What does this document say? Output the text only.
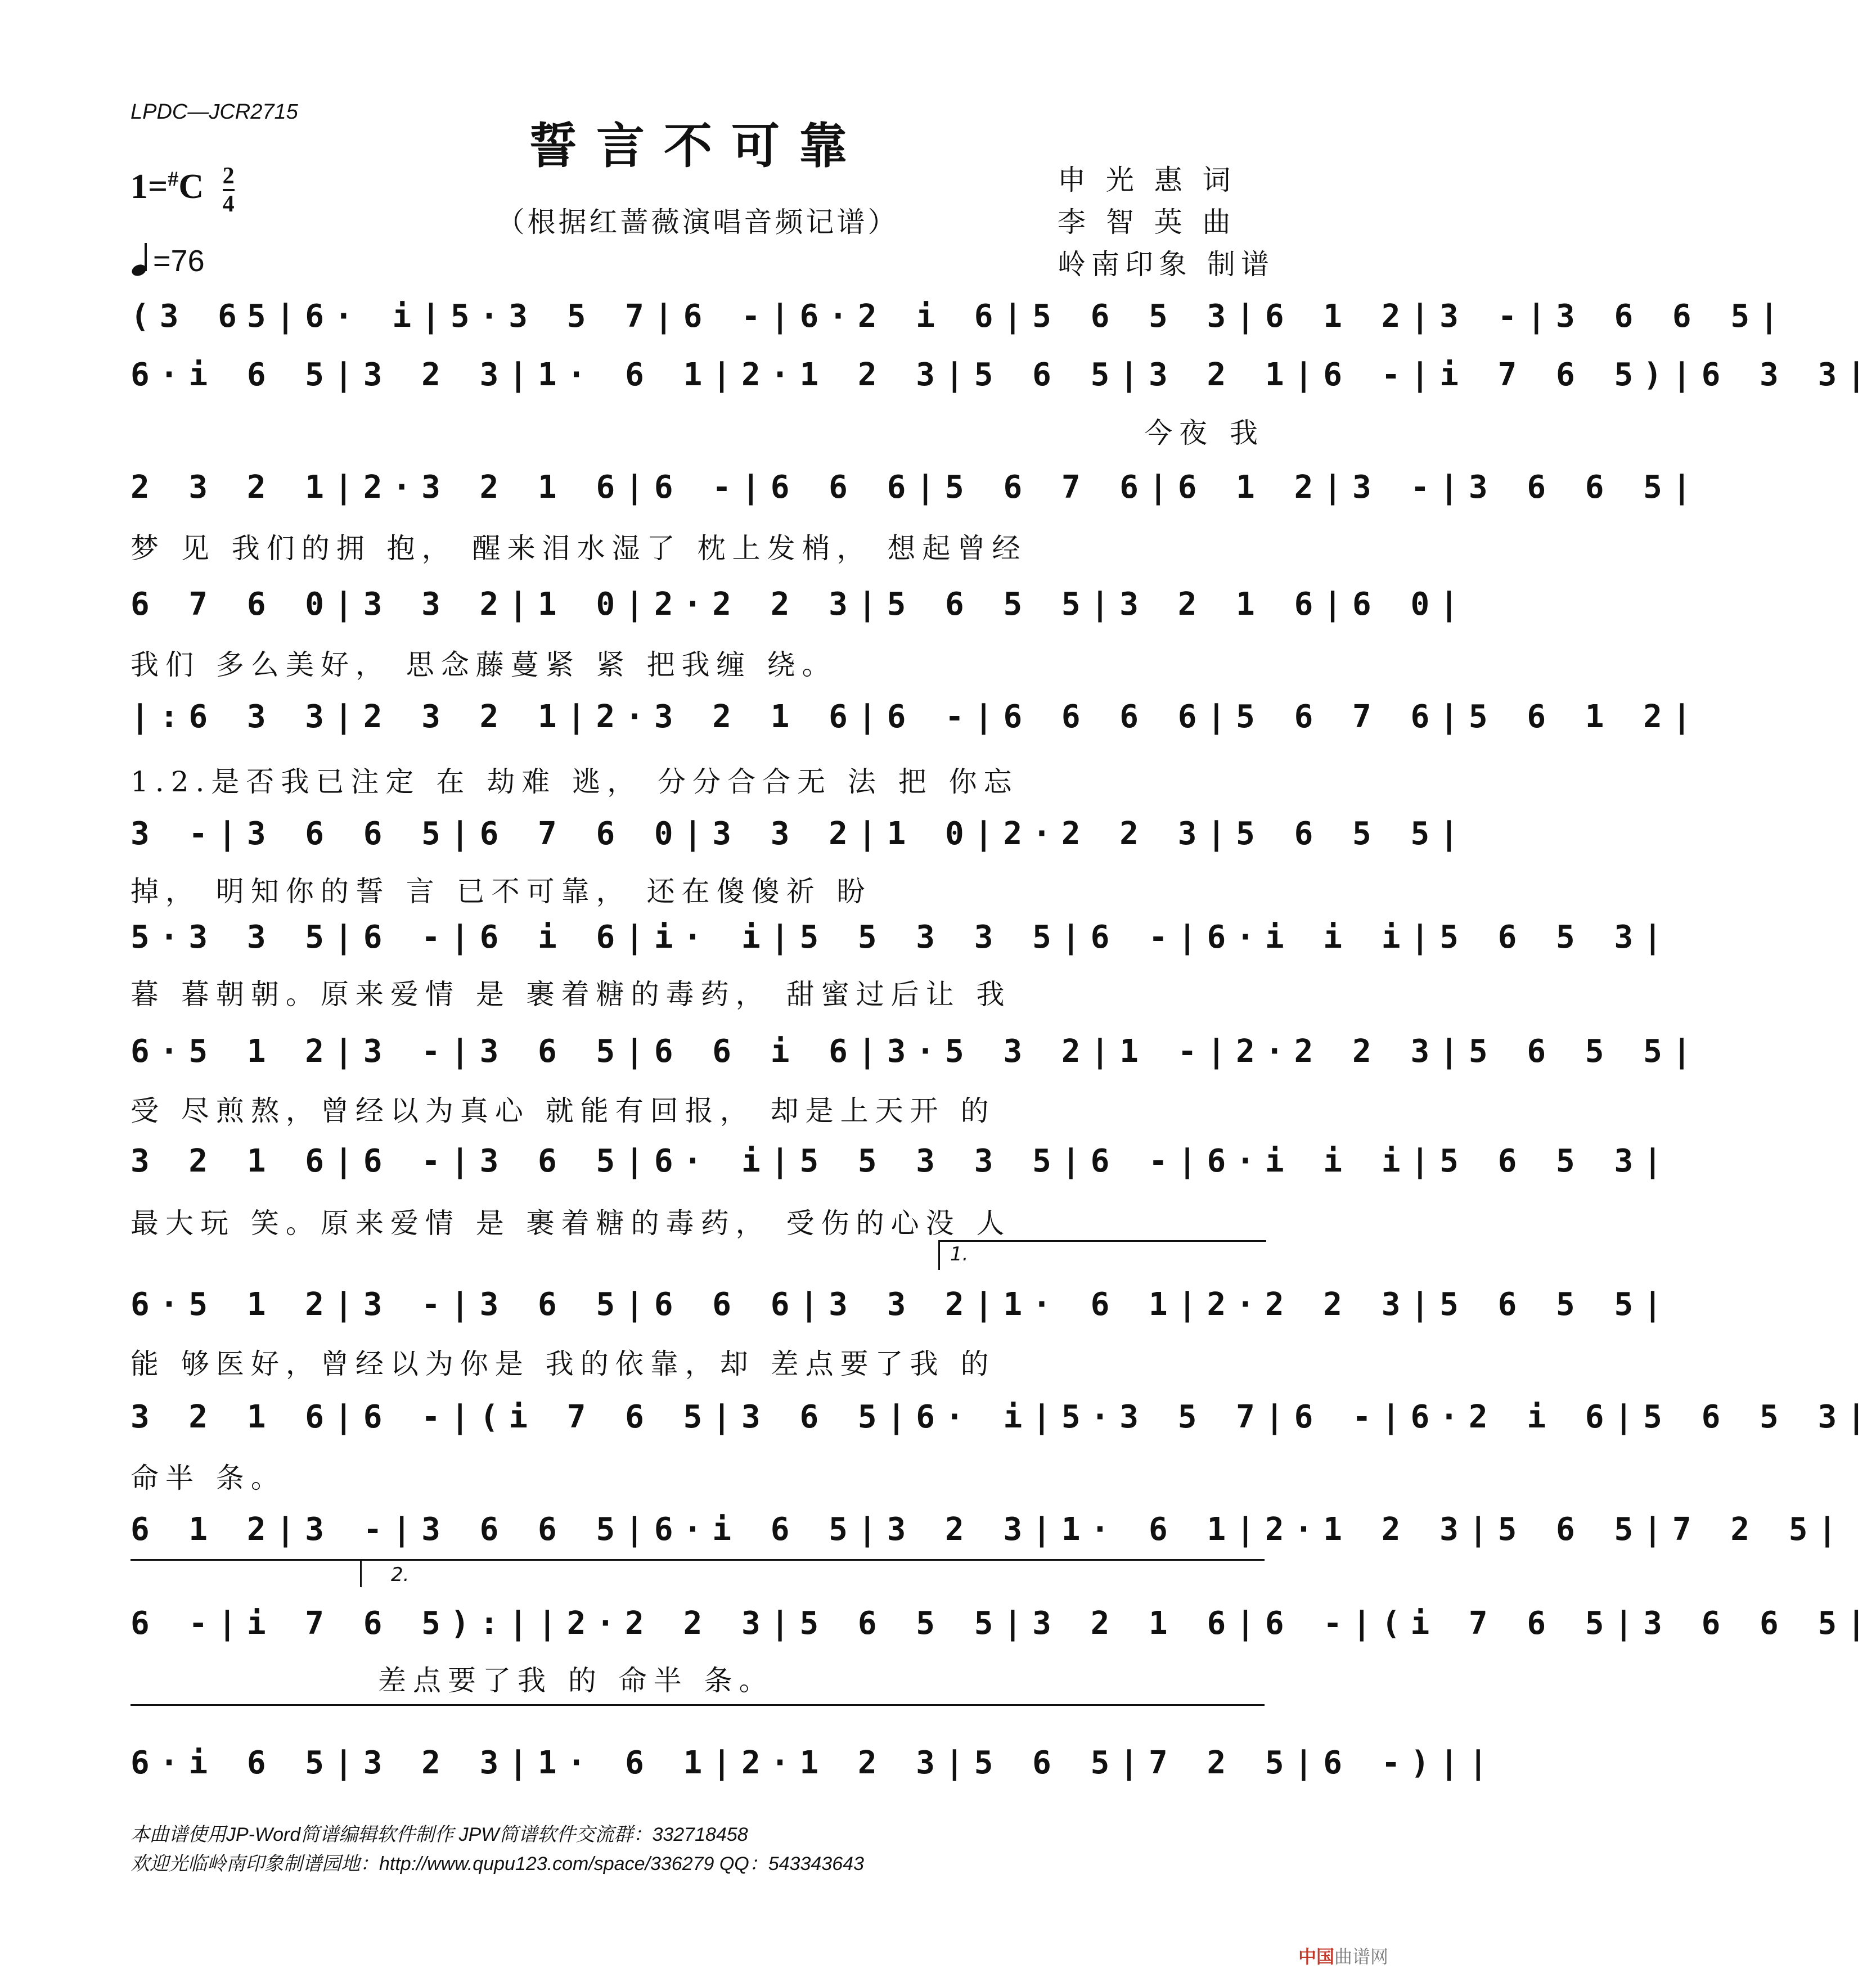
LPDC—JCR2715
誓言不可靠
（根据红蔷薇演唱音频记谱）
$1=^{\#}C \frac{2}{4}$
=76
申 光 惠 词
李 智 英 曲
岭南印象 制谱
(3 65|6· i|5·3 5 7|6 -|6·2 i 6|5 6 5 3|6 1 2|3 -|3 6 6 5|
6·i 6 5|3 2 3|1· 6 1|2·1 2 3|5 6 5|3 2 1|6 -|i 7 6 5)|6 3 3|
今夜 我
2 3 2 1|2·3 2 1 6|6 -|6 6 6|5 6 7 6|6 1 2|3 -|3 6 6 5|
梦 见 我们的拥 抱， 醒来泪水湿了 枕上发梢， 想起曾经
6 7 6 0|3 3 2|1 0|2·2 2 3|5 6 5 5|3 2 1 6|6 0|
我们 多么美好， 思念藤蔓紧 紧 把我缠 绕。
|:6 3 3|2 3 2 1|2·3 2 1 6|6 -|6 6 6 6|5 6 7 6|5 6 1 2|
1.2.是否我已注定 在 劫难 逃， 分分合合无 法 把 你忘
3 -|3 6 6 5|6 7 6 0|3 3 2|1 0|2·2 2 3|5 6 5 5|
掉， 明知你的誓 言 已不可靠， 还在傻傻祈 盼
5·3 3 5|6 -|6 i 6|i· i|5 5 3 3 5|6 -|6·i i i|5 6 5 3|
暮 暮朝朝。原来爱情 是 裹着糖的毒药， 甜蜜过后让 我
6·5 1 2|3 -|3 6 5|6 6 i 6|3·5 3 2|1 -|2·2 2 3|5 6 5 5|
受 尽煎熬，曾经以为真心 就能有回报， 却是上天开 的
3 2 1 6|6 -|3 6 5|6· i|5 5 3 3 5|6 -|6·i i i|5 6 5 3|
最大玩 笑。原来爱情 是 裹着糖的毒药， 受伤的心没 人
1.
6·5 1 2|3 -|3 6 5|6 6 6|3 3 2|1· 6 1|2·2 2 3|5 6 5 5|
能 够医好，曾经以为你是 我的依靠，却 差点要了我 的
3 2 1 6|6 -|(i 7 6 5|3 6 5|6· i|5·3 5 7|6 -|6·2 i 6|5 6 5 3|
命半 条。
6 1 2|3 -|3 6 6 5|6·i 6 5|3 2 3|1· 6 1|2·1 2 3|5 6 5|7 2 5|
2.
6 -|i 7 6 5):||2·2 2 3|5 6 5 5|3 2 1 6|6 -|(i 7 6 5|3 6 6 5|
差点要了我 的 命半 条。
6·i 6 5|3 2 3|1· 6 1|2·1 2 3|5 6 5|7 2 5|6 -)||
本曲谱使用JP-Word简谱编辑软件制作 JPW简谱软件交流群：332718458
欢迎光临岭南印象制谱园地：http://www.qupu123.com/space/336279 QQ：543343643
中国曲谱网
